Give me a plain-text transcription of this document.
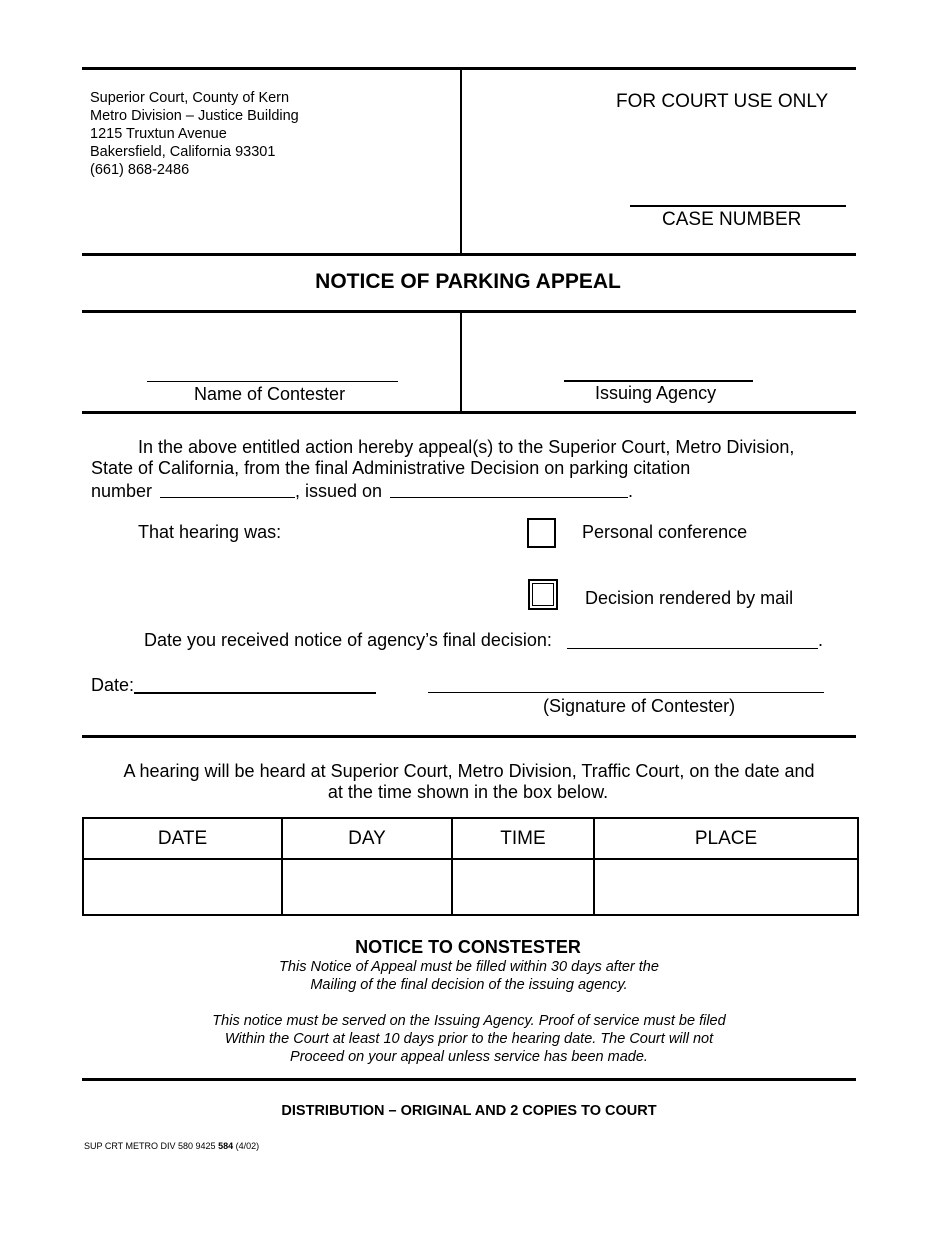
Superior Court, County of Kern
Metro Division – Justice Building
1215 Truxtun Avenue
Bakersfield, California 93301
(661) 868-2486
FOR COURT USE ONLY
CASE NUMBER
NOTICE OF PARKING APPEAL
Name of Contester	Issuing Agency
In the above entitled action hereby appeal(s) to the Superior Court, Metro Division,
State of California, from the final Administrative Decision on parking citation
number	, issued on	.
That hearing was:	Personal conference
Decision rendered by mail
Date you received notice of agency’s final decision:	.
Date:
(Signature of Contester)
A hearing will be heard at Superior Court, Metro Division, Traffic Court, on the date and
at the time shown in the box below.
DATE	DAY	TIME	PLACE

NOTICE TO CONSTESTER
This Notice of Appeal must be filled within 30 days after the
Mailing of the final decision of the issuing agency.
This notice must be served on the Issuing Agency. Proof of service must be filed
Within the Court at least 10 days prior to the hearing date. The Court will not
Proceed on your appeal unless service has been made.
DISTRIBUTION – ORIGINAL AND 2 COPIES TO COURT
SUP CRT METRO DIV 580 9425 584 (4/02)
